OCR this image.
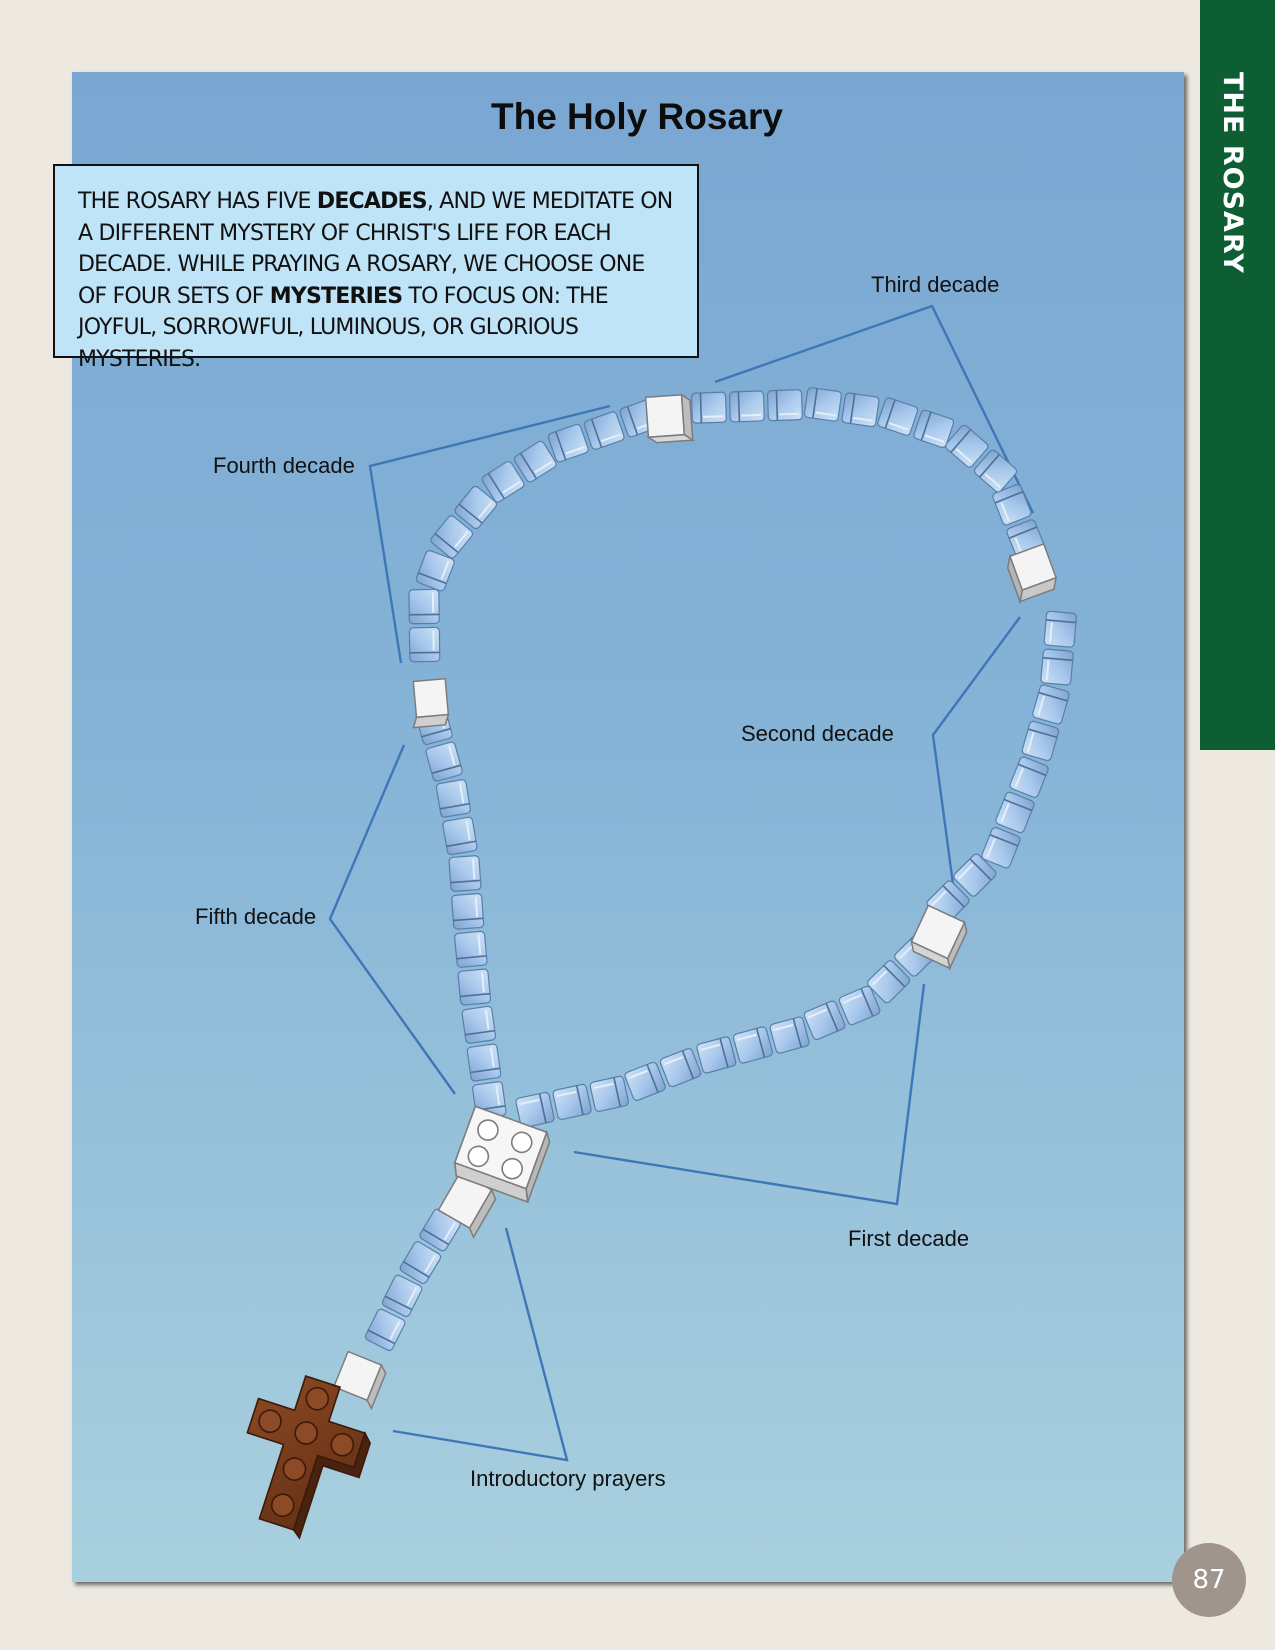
The Holy Rosary

THE ROSARY HAS FIVE DECADES, AND WE MEDITATE ON A DIFFERENT MYSTERY OF CHRIST'S LIFE FOR EACH DECADE. WHILE PRAYING A ROSARY, WE CHOOSE ONE OF FOUR SETS OF MYSTERIES TO FOCUS ON: THE JOYFUL, SORROWFUL, LUMINOUS, OR GLORIOUS MYSTERIES.

Third decade
Fourth decade
Second decade
Fifth decade
First decade
Introductory prayers
THE ROSARY
87
